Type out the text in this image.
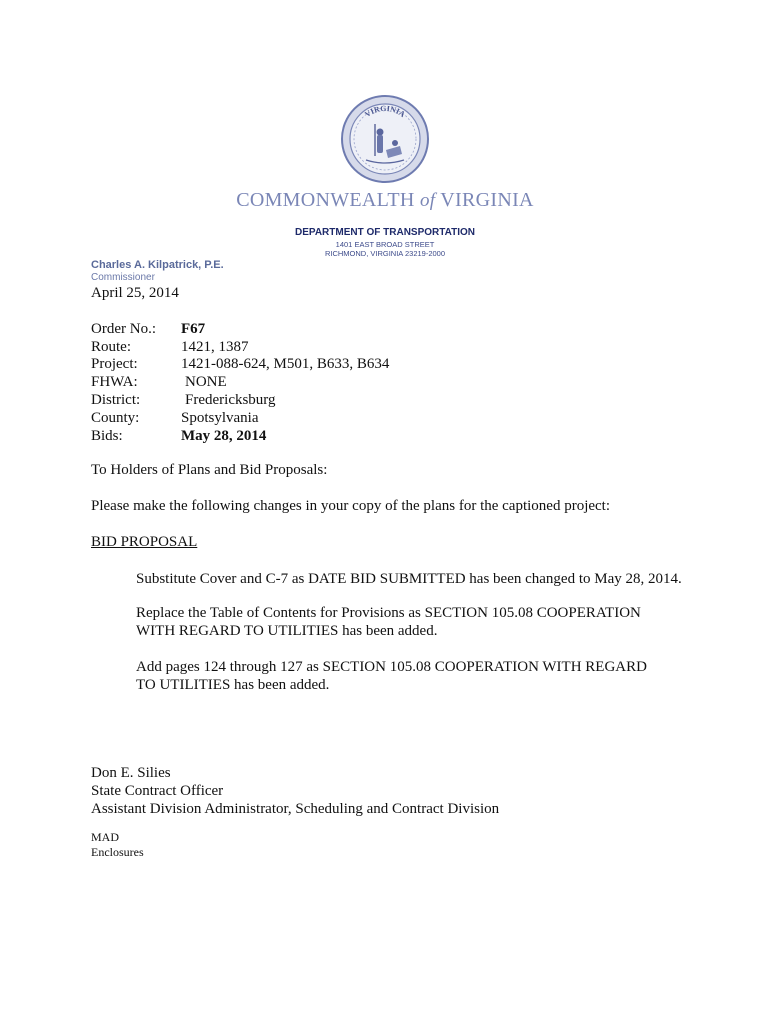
VIRGINIA
COMMONWEALTH of VIRGINIA
DEPARTMENT OF TRANSPORTATION
1401 EAST BROAD STREET
RICHMOND, VIRGINIA 23219-2000
Charles A. Kilpatrick, P.E.
Commissioner
April 25, 2014
Order No.: F67
Route:	1421, 1387
Project:	1421-088-624, M501, B633, B634
FHWA:	NONE
District:	Fredericksburg
County:	Spotsylvania
Bids:	May 28, 2014
To Holders of Plans and Bid Proposals:
Please make the following changes in your copy of the plans for the captioned project:
BID PROPOSAL
Substitute Cover and C-7 as DATE BID SUBMITTED has been changed to May 28, 2014.
Replace the Table of Contents for Provisions as SECTION 105.08 COOPERATION WITH REGARD TO UTILITIES has been added.
Add pages 124 through 127 as SECTION 105.08 COOPERATION WITH REGARD TO UTILITIES has been added.
Don E. Silies
State Contract Officer
Assistant Division Administrator, Scheduling and Contract Division
MAD
Enclosures
